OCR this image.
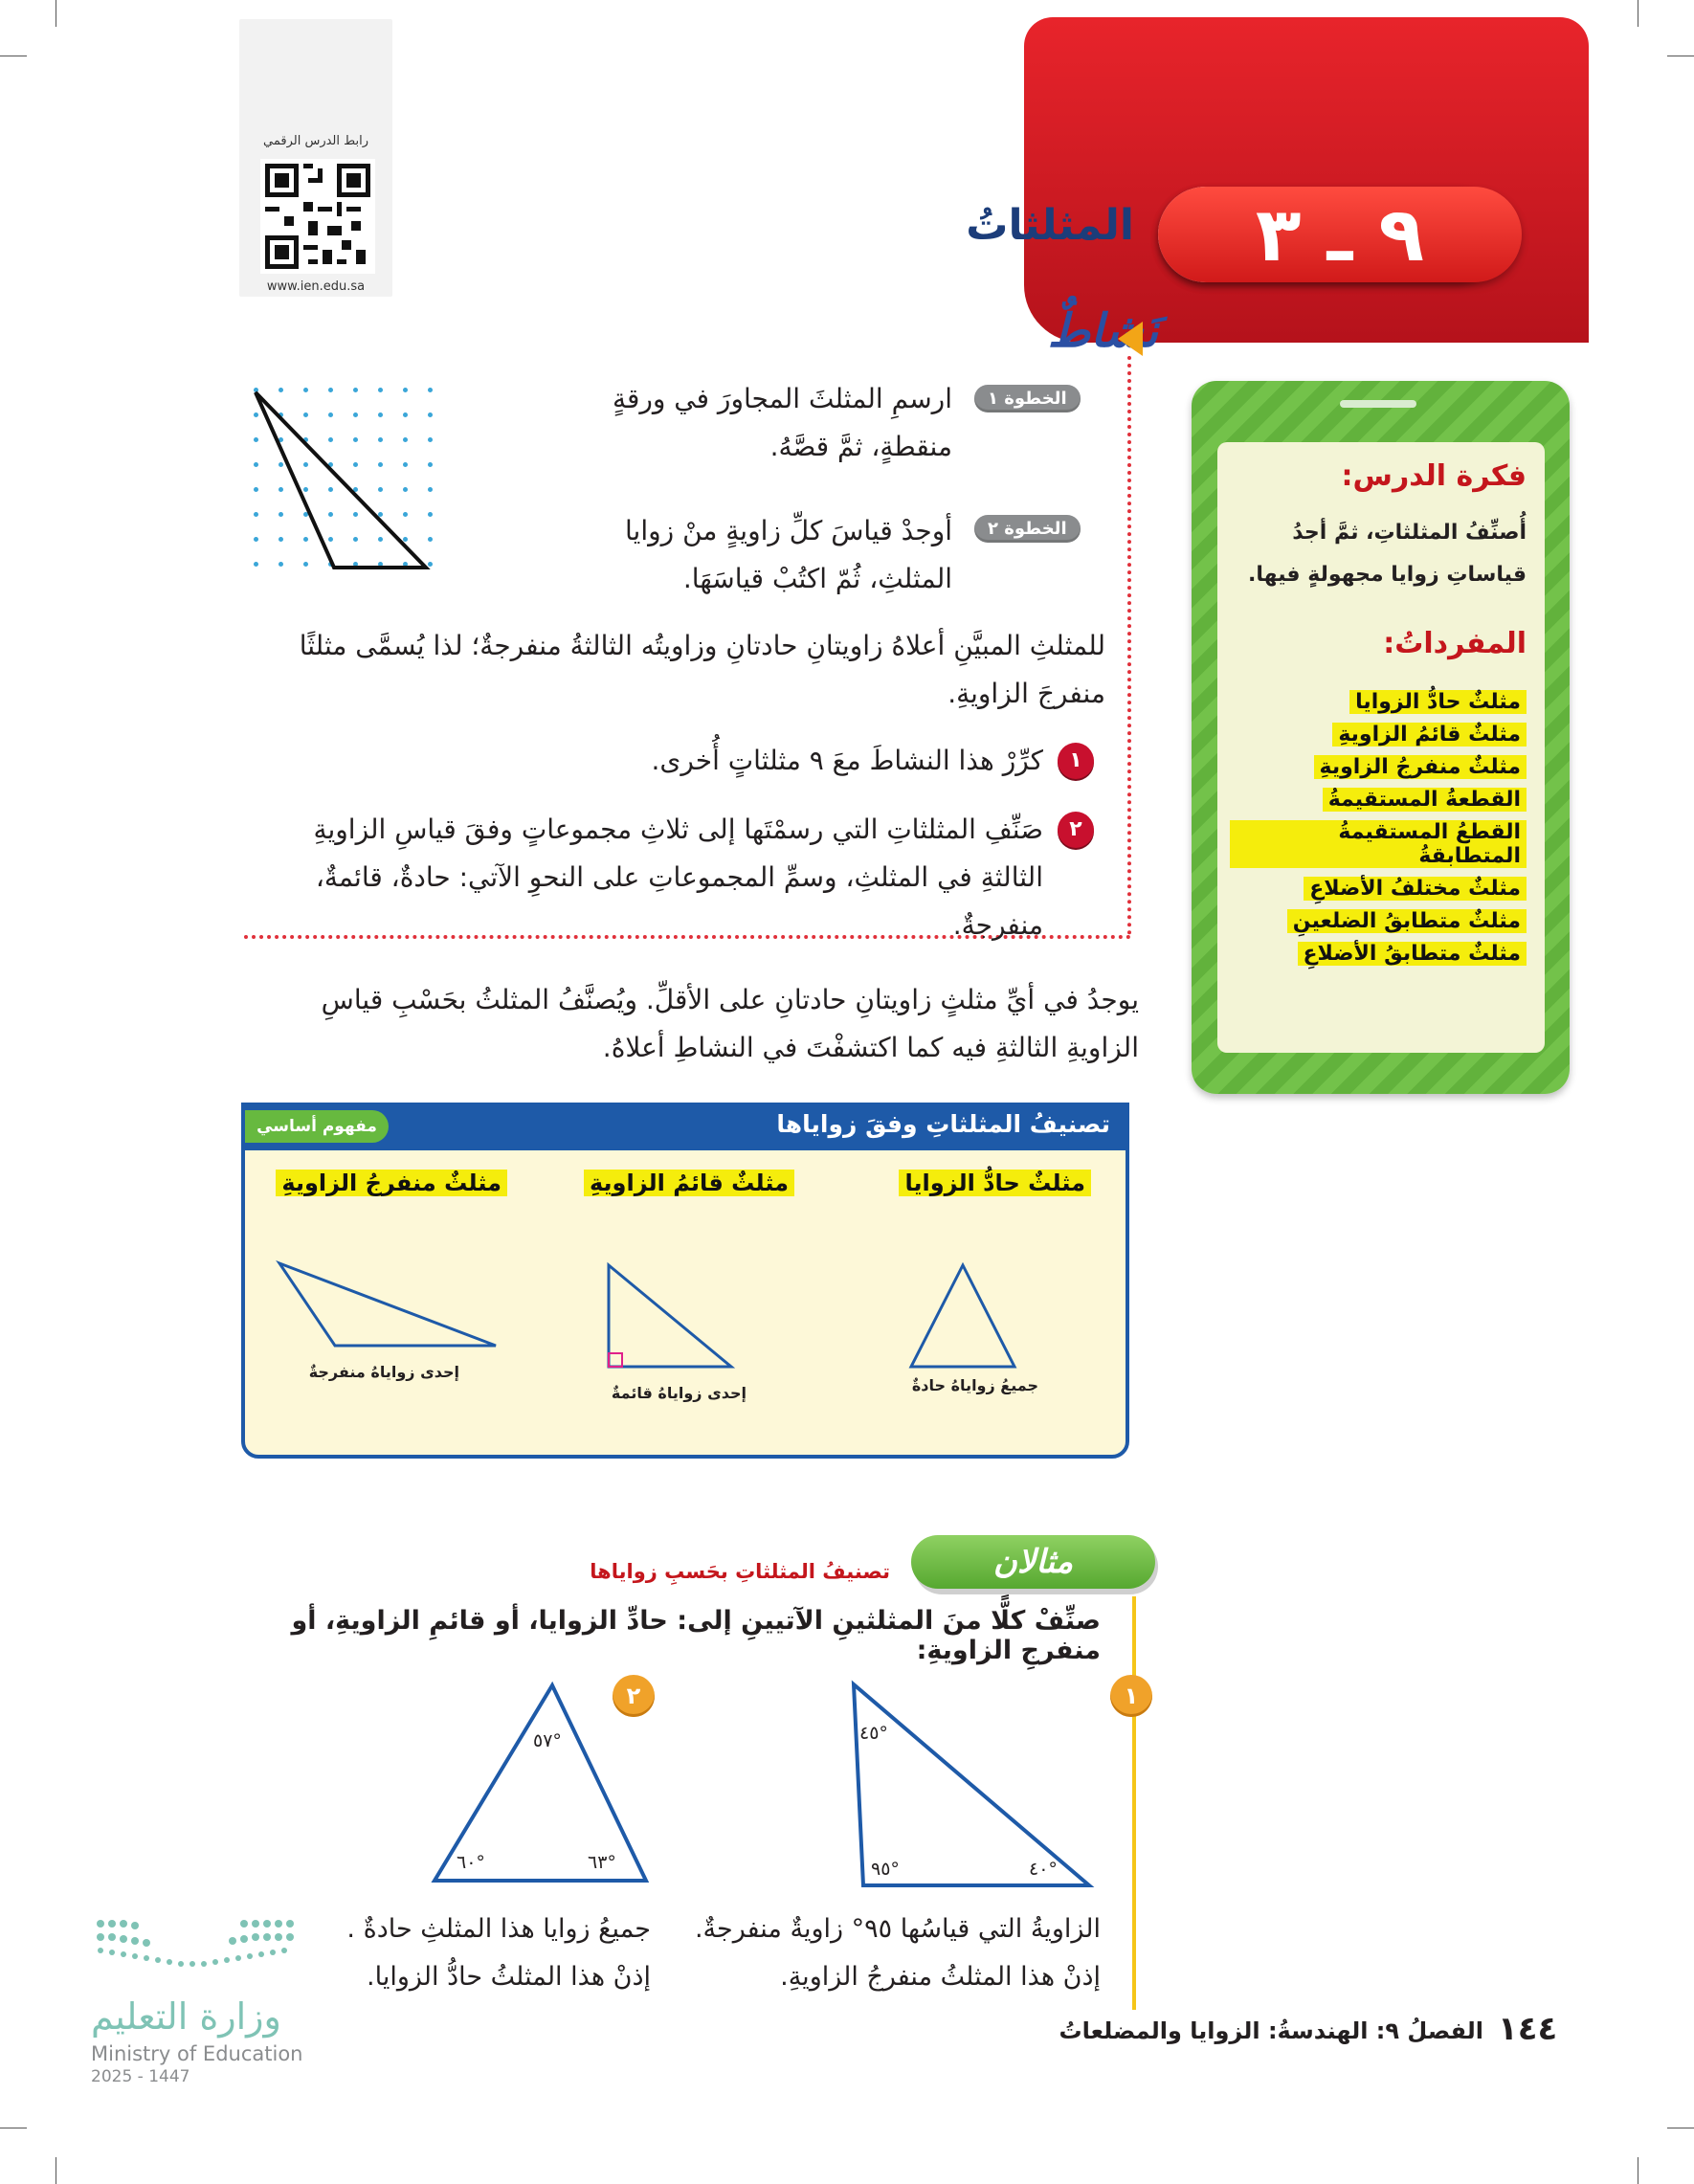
٩ ـ ٣
المثلثاتُ
رابط الدرس الرقمي
www.ien.edu.sa
نَشاطٌ
الخطوة ١
ارسمِ المثلثَ المجاورَ في ورقةٍ منقطةٍ، ثمَّ قصَّهُ.
الخطوة ٢
أوجدْ قياسَ كلِّ زاويةٍ منْ زوايا المثلثِ، ثُمّ اكتُبْ قياسَهَا.
للمثلثِ المبيَّنِ أعلاهُ زاويتانِ حادتانِ وزاويتُه الثالثةُ منفرجةٌ؛ لذا يُسمَّى مثلثًا منفرجَ الزاويةِ.
١
كرِّرْ هذا النشاطَ معَ ٩ مثلثاتٍ أُخرى.
٢
صَنِّفِ المثلثاتِ التي رسمْتَها إلى ثلاثِ مجموعاتٍ وفقَ قياسِ الزاويةِ الثالثةِ في المثلثِ، وسمِّ المجموعاتِ على النحوِ الآتي: حادةٌ، قائمةٌ، منفرجةٌ.
فكرة الدرس:
أُصنِّفُ المثلثاتِ، ثمَّ أجدُ قياساتِ زوايا مجهولةٍ فيها.
المفرداتُ:
مثلثٌ حادُّ الزوايا
مثلثٌ قائمُ الزاويةِ
مثلثٌ منفرجُ الزاويةِ
القطعةُ المستقيمةُ
القطعُ المستقيمةُ المتطابقةُ
مثلثٌ مختلفُ الأضلاعِ
مثلثٌ متطابقُ الضلعينِ
مثلثٌ متطابقُ الأضلاعِ
يوجدُ في أيِّ مثلثٍ زاويتانِ حادتانِ على الأقلِّ. ويُصنَّفُ المثلثُ بحَسْبِ قياسِ الزاويةِ الثالثةِ فيه كما اكتشفْتَ في النشاطِ أعلاهُ.
مفهوم أساسي	تصنيفُ المثلثاتِ وفقَ زواياها
مثلثٌ حادُّ الزوايا
مثلثٌ قائمُ الزاويةِ
مثلثٌ منفرجُ الزاويةِ
جميعُ زواياهُ حادةٌ
إحدى زواياهُ قائمةٌ
إحدى زواياهُ منفرجةٌ
مثالان
تصنيفُ المثلثاتِ بحَسبِ زواياها
صنِّفْ كلًّا منَ المثلثينِ الآتيينِ إلى: حادِّ الزوايا، أو قائمِ الزاويةِ، أو منفرجِ الزاويةِ:
١
٢
°٤٥
°٩٥	°٤٠
°٥٧
°٦٠	°٦٣
الزاويةُ التي قياسُها ٩٥° زاويةٌ منفرجةٌ.
إذنْ هذا المثلثُ منفرجُ الزاويةِ.
جميعُ زوايا هذا المثلثِ حادةٌ .
إذنْ هذا المثلثُ حادُّ الزوايا.
وزارة التعليم
Ministry of Education
2025 - 1447
١٤٤
الفصلُ ٩: الهندسةُ: الزوايا والمضلعاتُ
